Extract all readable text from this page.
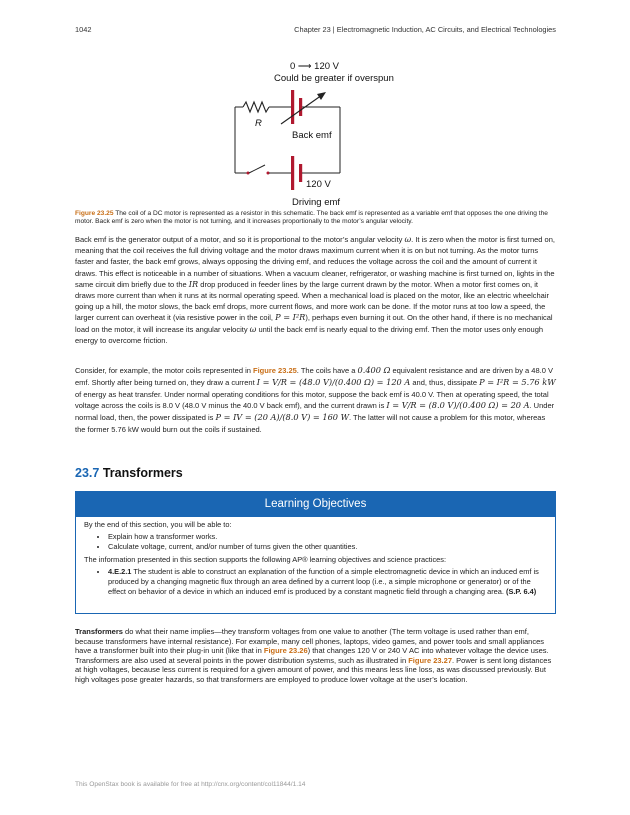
1042	Chapter 23 | Electromagnetic Induction, AC Circuits, and Electrical Technologies
0 ⟶ 120 V
Could be greater if overspun
R
Back emf
120 V
Driving emf
Figure 23.25 The coil of a DC motor is represented as a resistor in this schematic. The back emf is represented as a variable emf that opposes the one driving the motor. Back emf is zero when the motor is not turning, and it increases proportionally to the motor’s angular velocity.

Back emf is the generator output of a motor, and so it is proportional to the motor’s angular velocity ω. It is zero when the motor is first turned on, meaning that the coil receives the full driving voltage and the motor draws maximum current when it is on but not turning. As the motor turns faster and faster, the back emf grows, always opposing the driving emf, and reduces the voltage across the coil and the amount of current it draws. This effect is noticeable in a number of situations. When a vacuum cleaner, refrigerator, or washing machine is first turned on, lights in the same circuit dim briefly due to the IR drop produced in feeder lines by the large current drawn by the motor. When a motor first comes on, it draws more current than when it runs at its normal operating speed. When a mechanical load is placed on the motor, like an electric wheelchair going up a hill, the motor slows, the back emf drops, more current flows, and more work can be done. If the motor runs at too low a speed, the larger current can overheat it (via resistive power in the coil, P = I²R), perhaps even burning it out. On the other hand, if there is no mechanical load on the motor, it will increase its angular velocity ω until the back emf is nearly equal to the driving emf. Then the motor uses only enough energy to overcome friction.

Consider, for example, the motor coils represented in Figure 23.25. The coils have a 0.400 Ω equivalent resistance and are driven by a 48.0 V emf. Shortly after being turned on, they draw a current I = V/R = (48.0 V)/(0.400 Ω) = 120 A and, thus, dissipate P = I²R = 5.76 kW of energy as heat transfer. Under normal operating conditions for this motor, suppose the back emf is 40.0 V. Then at operating speed, the total voltage across the coils is 8.0 V (48.0 V minus the 40.0 V back emf), and the current drawn is I = V/R = (8.0 V)/(0.400 Ω) = 20 A. Under normal load, then, the power dissipated is P = IV = (20 A)/(8.0 V) = 160 W. The latter will not cause a problem for this motor, whereas the former 5.76 kW would burn out the coils if sustained.

23.7 Transformers
Learning Objectives

By the end of this section, you will be able to:

• Explain how a transformer works.
• Calculate voltage, current, and/or number of turns given the other quantities.

The information presented in this section supports the following AP® learning objectives and science practices:

• 4.E.2.1 The student is able to construct an explanation of the function of a simple electromagnetic device in which an induced emf is produced by a changing magnetic flux through an area defined by a current loop (i.e., a simple microphone or generator) or of the effect on behavior of a device in which an induced emf is produced by a constant magnetic field through a changing area. (S.P. 6.4)

Transformers do what their name implies—they transform voltages from one value to another (The term voltage is used rather than emf, because transformers have internal resistance). For example, many cell phones, laptops, video games, and power tools and small appliances have a transformer built into their plug-in unit (like that in Figure 23.26) that changes 120 V or 240 V AC into whatever voltage the device uses. Transformers are also used at several points in the power distribution systems, such as illustrated in Figure 23.27. Power is sent long distances at high voltages, because less current is required for a given amount of power, and this means less line loss, as was discussed previously. But high voltages pose greater hazards, so that transformers are employed to produce lower voltage at the user’s location.

This OpenStax book is available for free at http://cnx.org/content/col11844/1.14
